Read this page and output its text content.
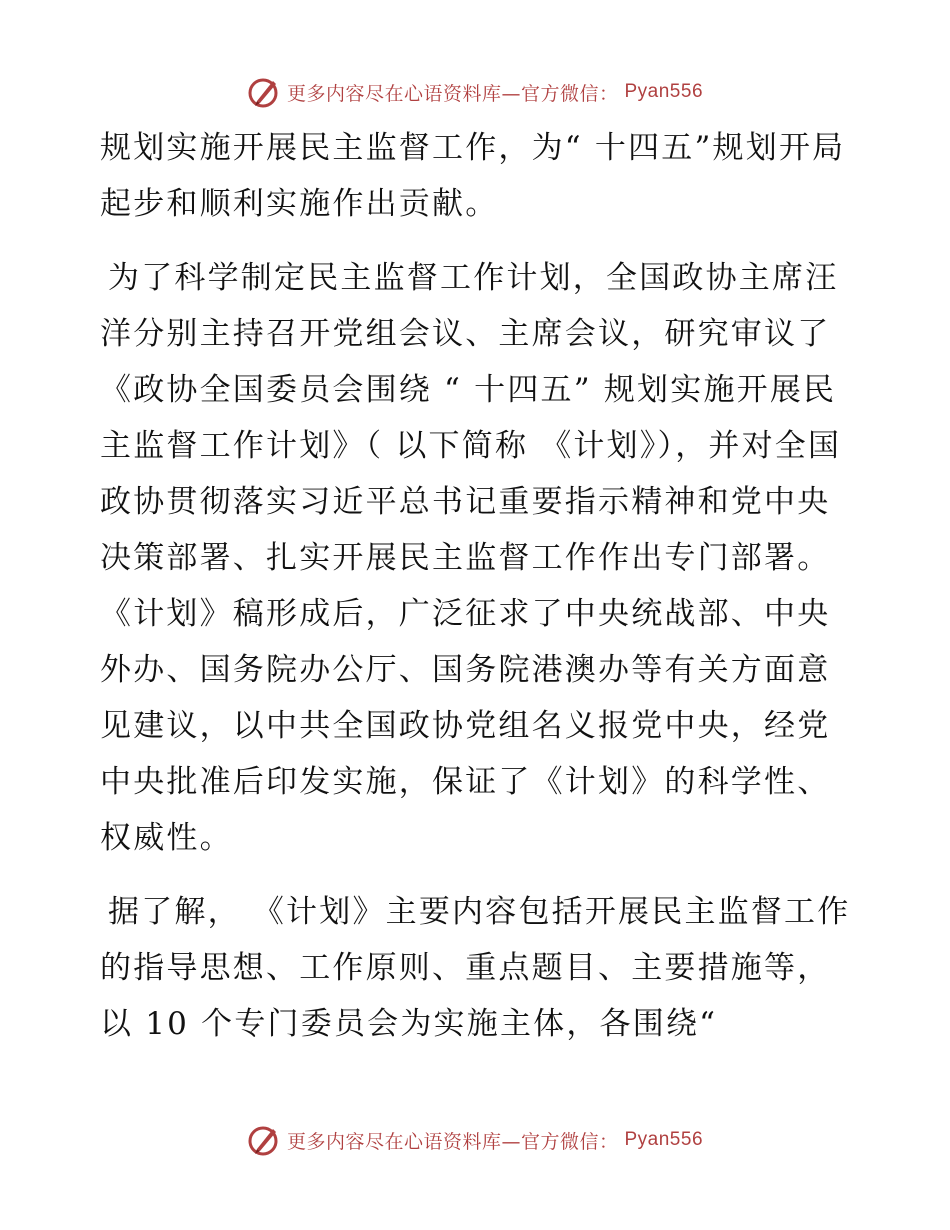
更多内容尽在心语资料库—官方微信： Pyan556

规划实施开展民主监督工作，为“ 十四五”规划开局起步和顺利实施作出贡献。

为了科学制定民主监督工作计划，全国政协主席汪洋分别主持召开党组会议、主席会议，研究审议了 《政协全国委员会围绕 “ 十四五” 规划实施开展民主监督工作计划》（ 以下简称 《计划》），并对全国政协贯彻落实习近平总书记重要指示精神和党中央决策部署、扎实开展民主监督工作作出专门部署。 《计划》稿形成后，广泛征求了中央统战部、中央外办、国务院办公厅、国务院港澳办等有关方面意见建议，以中共全国政协党组名义报党中央，经党中央批准后印发实施，保证了《计划》的科学性、权威性。

据了解， 《计划》主要内容包括开展民主监督工作的指导思想、工作原则、重点题目、主要措施等，以 10 个专门委员会为实施主体，各围绕“

更多内容尽在心语资料库—官方微信： Pyan556
